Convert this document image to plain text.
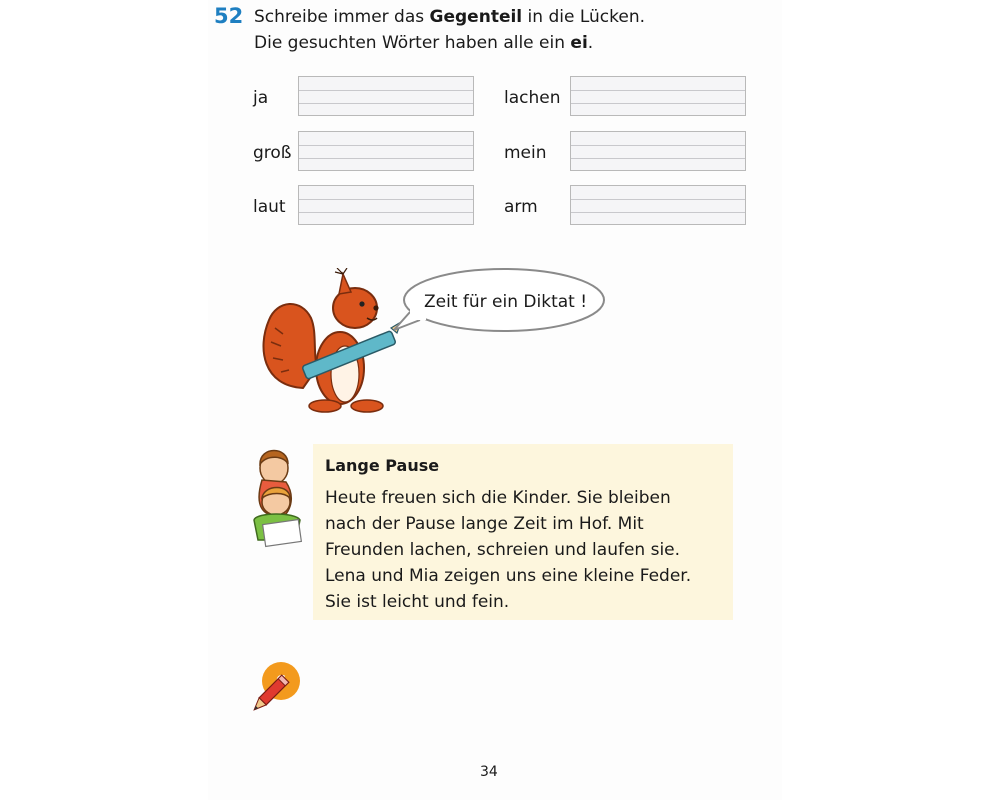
52 Schreibe immer das Gegenteil in die Lücken.
Die gesuchten Wörter haben alle ein ei.
ja
groß
laut
lachen
mein
arm
Zeit für ein Diktat !
Lange Pause
Heute freuen sich die Kinder. Sie bleiben
nach der Pause lange Zeit im Hof. Mit
Freunden lachen, schreien und laufen sie.
Lena und Mia zeigen uns eine kleine Feder.
Sie ist leicht und fein.
34
